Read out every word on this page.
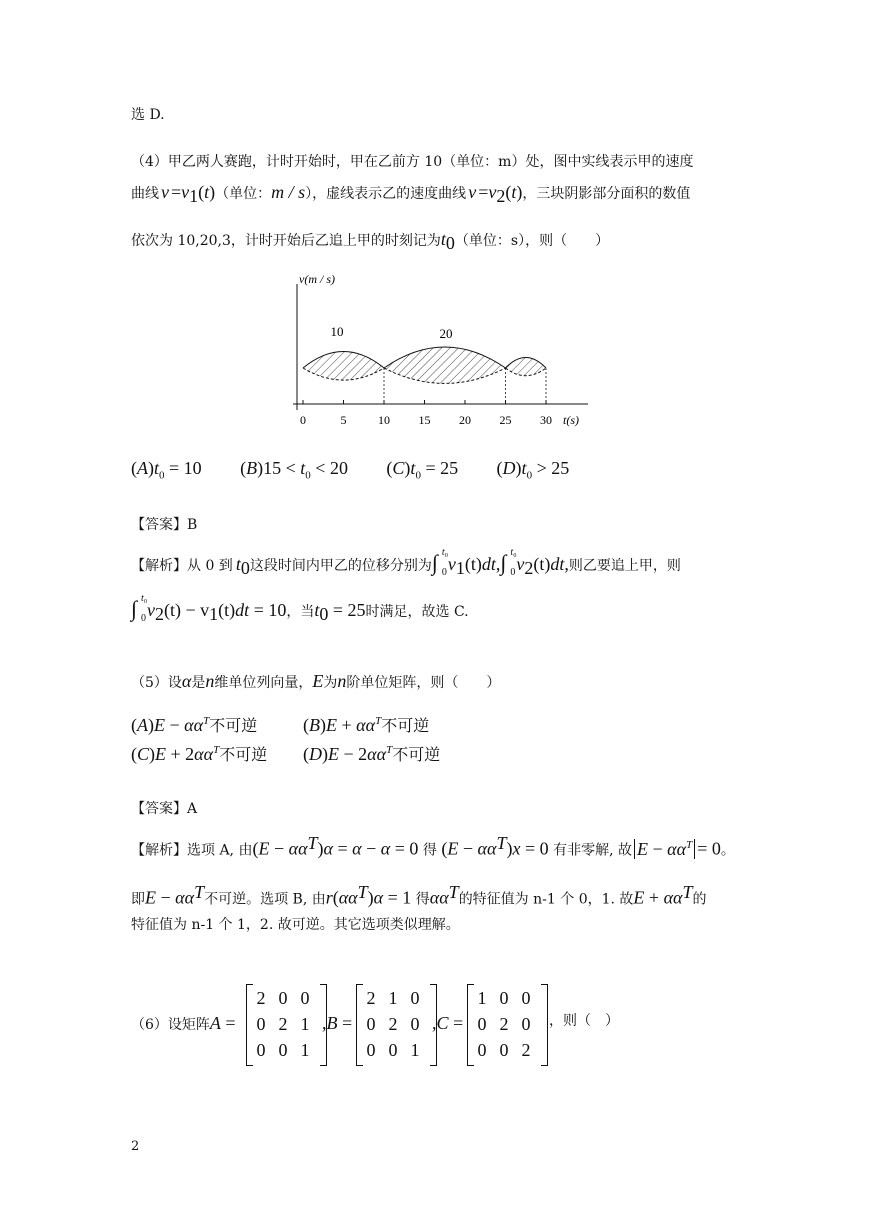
选 D.
（4）甲乙两人赛跑，计时开始时，甲在乙前方 10（单位：m）处，图中实线表示甲的速度
曲线 $v =v_1(t)$（单位：m / s），虚线表示乙的速度曲线 $v =v_2(t)$，三块阴影部分面积的数值
依次为 10,20,3，计时开始后乙追上甲的时刻记为$t_0$（单位：s），则（　　）
v(m / s)
t(s)
0	5	10 15 20 25 30
10	20
$(A)t_0 = 10$ $(B)15 < t_0 < 20$ $(C)t_0 = 25$ $(D)t_0 > 25$
【答案】B
【解析】从 0 到 $t_0$这段时间内甲乙的位移分别为∫ 0
t₀
$v_1(t)dt,\int$ 0
t₀
$v_2(t)dt$,则乙要追上甲，则
∫ 0
t₀
$v_2(t) - v_1(t)dt = 10$，当$t_0 = 25$时满足，故选 C.
（5）设α是n维单位列向量，E为n阶单位矩阵，则（　　）
$(A)E - \alpha\alpha^T$不可逆	$(B)E + \alpha\alpha^T$不可逆
$(C)E + 2\alpha\alpha^T$不可逆 $(D)E - 2\alpha\alpha^T$不可逆
【答案】A
【解析】选项 A, 由$(E - \alpha\alpha^T)\alpha = \alpha - \alpha = 0$ 得 $(E - \alpha\alpha^T)x = 0$ 有非零解, 故 $E - \alpha\alpha^T = 0$。
即$E - \alpha\alpha^T$不可逆。选项 B, 由$r(\alpha\alpha^T)\alpha = 1$ 得$\alpha\alpha^T$的特征值为 n-1 个 0，1. 故$E + \alpha\alpha^T$的
特征值为 n-1 个 1，2. 故可逆。其它选项类似理解。
（6）设矩阵A =
2 0 0
0 2 1
0 0 1
,B =
2 1 0
0 2 0
0 0 1
,C =
1 0 0
0 2 0
0 0 2
，则（　）
2
